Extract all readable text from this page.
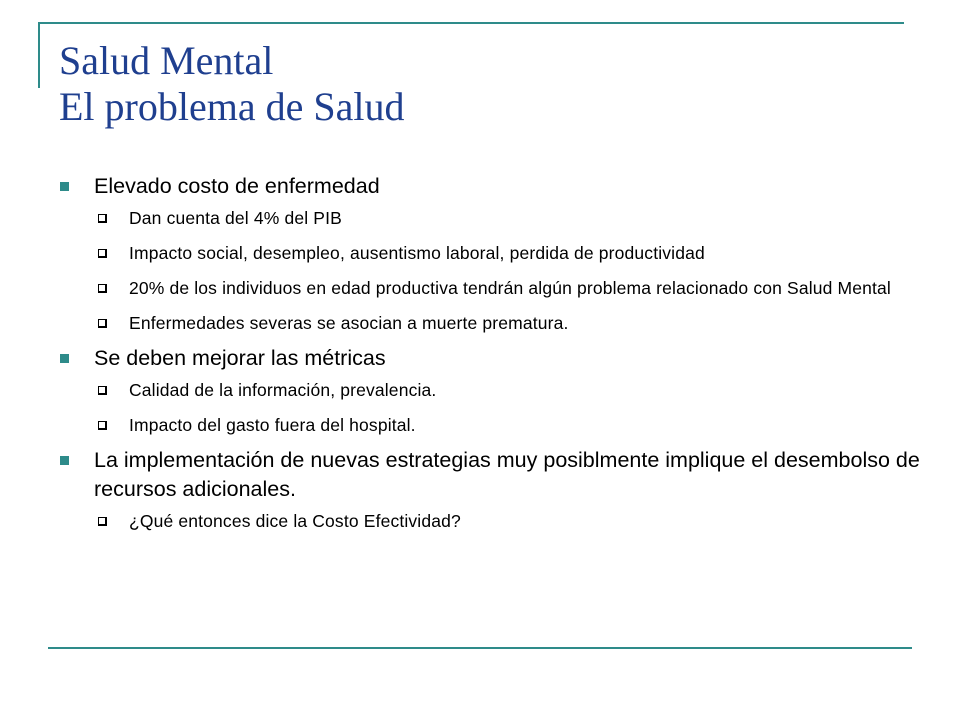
Salud Mental
El problema de Salud
Elevado costo de enfermedad
Dan cuenta del 4% del PIB
Impacto social, desempleo, ausentismo laboral, perdida de productividad
20% de los individuos en edad productiva tendrán algún problema relacionado con Salud Mental
Enfermedades severas se asocian a muerte prematura.
Se deben mejorar las métricas
Calidad de la información, prevalencia.
Impacto del gasto fuera del hospital.
La implementación de nuevas estrategias muy posiblmente implique el desembolso de recursos adicionales.
¿Qué entonces dice la Costo Efectividad?
